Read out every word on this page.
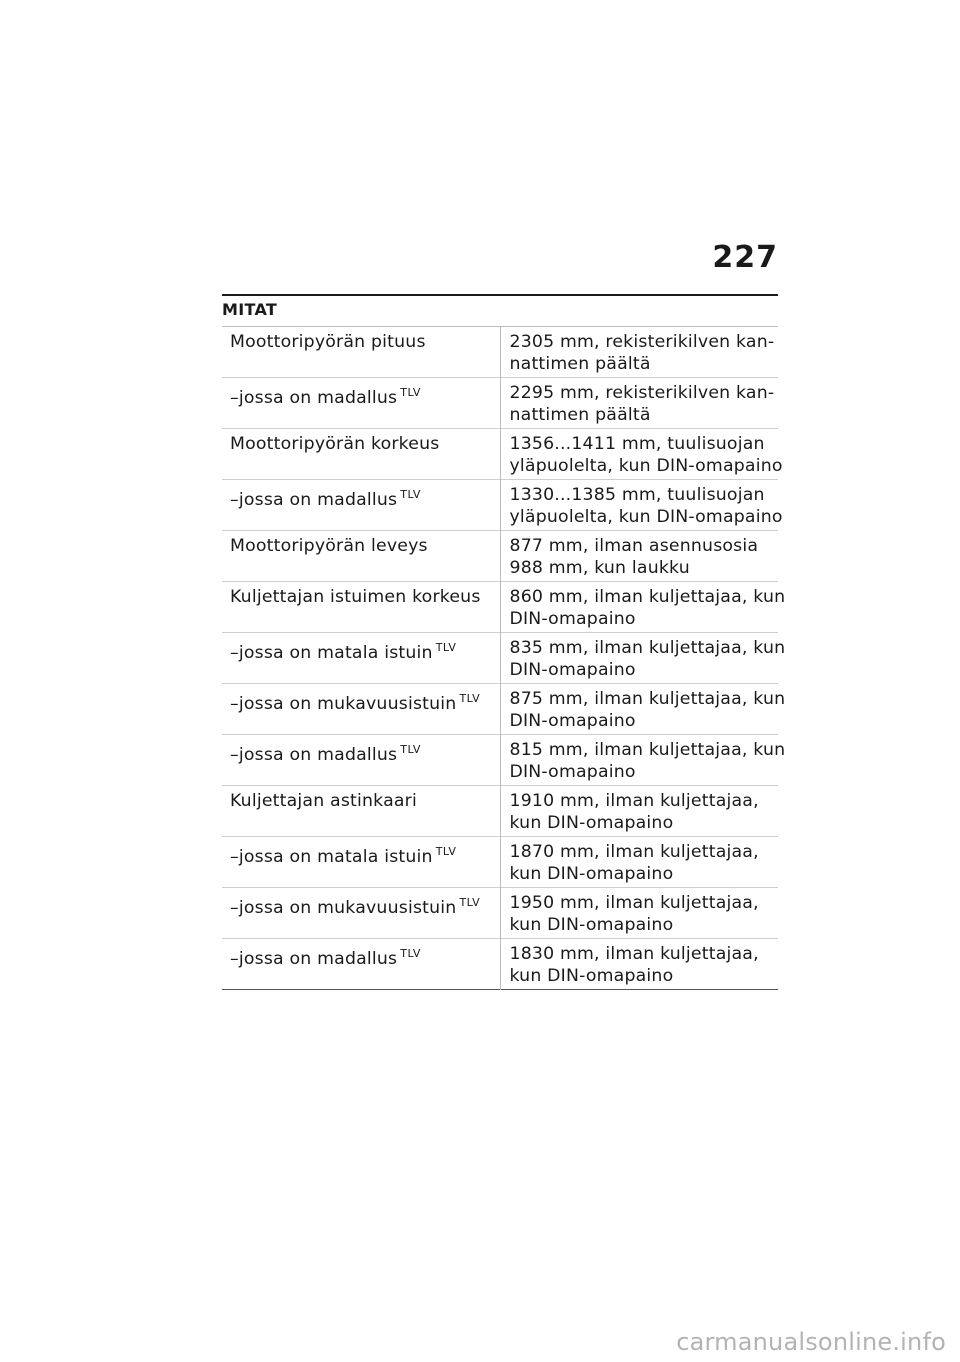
227
MITAT
Moottoripyörän pituus	2305 mm, rekisterikilven kan-
nattimen päältä

–jossa on madallus $^{TLV}$	2295 mm, rekisterikilven kan-
nattimen päältä

Moottoripyörän korkeus	1356...1411 mm, tuulisuojan
yläpuolelta, kun DIN-omapaino

–jossa on madallus $^{TLV}$	1330...1385 mm, tuulisuojan
yläpuolelta, kun DIN-omapaino

Moottoripyörän leveys	877 mm, ilman asennusosia
988 mm, kun laukku

Kuljettajan istuimen korkeus	860 mm, ilman kuljettajaa, kun
DIN-omapaino

–jossa on matala istuin $^{TLV}$	835 mm, ilman kuljettajaa, kun
DIN-omapaino

–jossa on mukavuusistuin $^{TLV}$	875 mm, ilman kuljettajaa, kun
DIN-omapaino

–jossa on madallus $^{TLV}$	815 mm, ilman kuljettajaa, kun
DIN-omapaino

Kuljettajan astinkaari	1910 mm, ilman kuljettajaa,
kun DIN-omapaino

–jossa on matala istuin $^{TLV}$	1870 mm, ilman kuljettajaa,
kun DIN-omapaino

–jossa on mukavuusistuin $^{TLV}$	1950 mm, ilman kuljettajaa,
kun DIN-omapaino

–jossa on madallus $^{TLV}$	1830 mm, ilman kuljettajaa,
kun DIN-omapaino
carmanualsonline.info
